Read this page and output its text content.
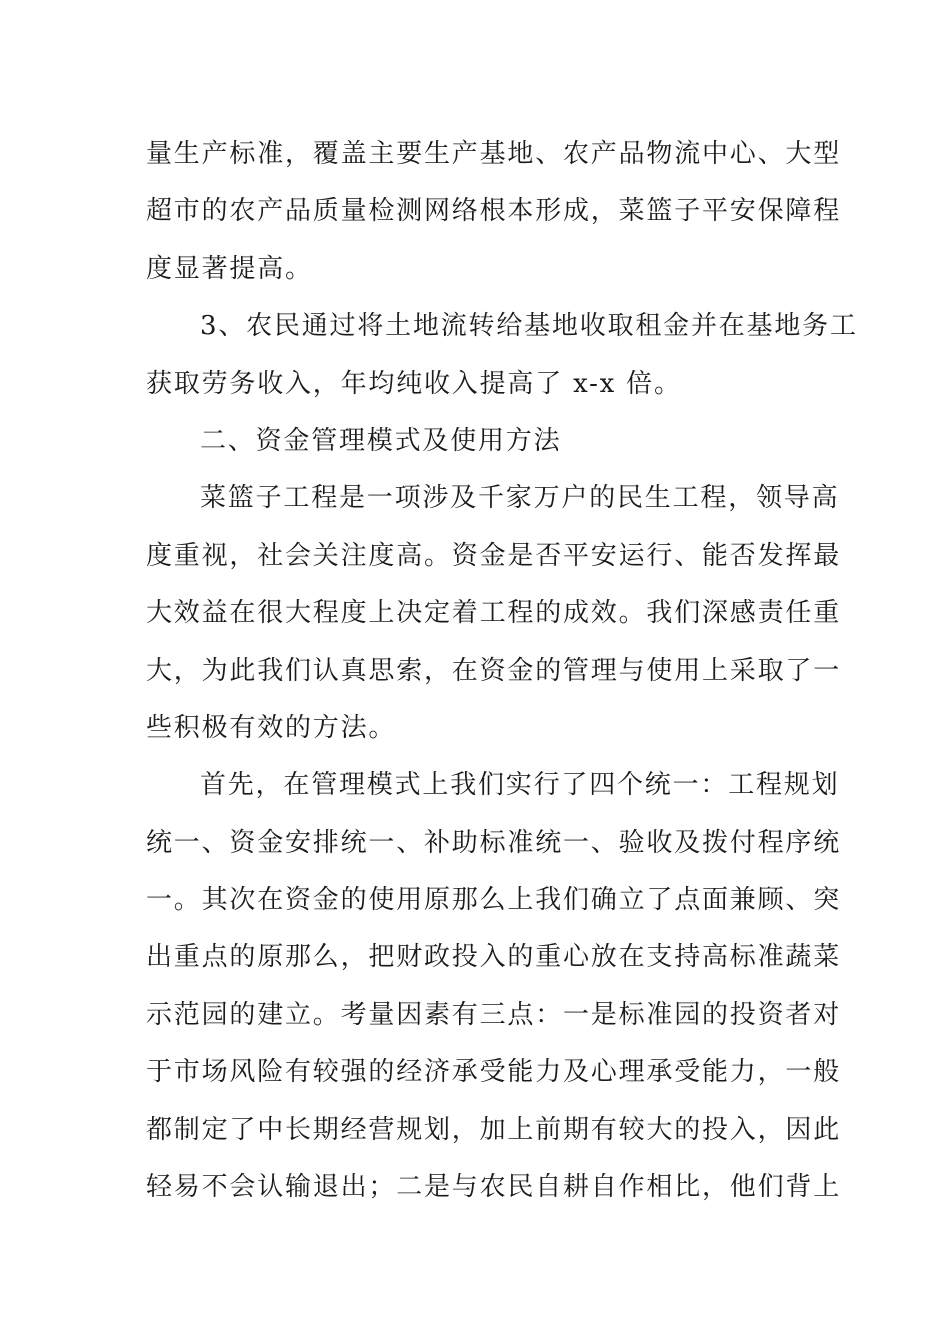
量生产标准，覆盖主要生产基地、农产品物流中心、大型
超市的农产品质量检测网络根本形成，菜篮子平安保障程
度显著提高。
3、农民通过将土地流转给基地收取租金并在基地务工
获取劳务收入，年均纯收入提高了 x-x 倍。
二、资金管理模式及使用方法
菜篮子工程是一项涉及千家万户的民生工程，领导高
度重视，社会关注度高。资金是否平安运行、能否发挥最
大效益在很大程度上决定着工程的成效。我们深感责任重
大，为此我们认真思索，在资金的管理与使用上采取了一
些积极有效的方法。
首先，在管理模式上我们实行了四个统一：工程规划
统一、资金安排统一、补助标准统一、验收及拨付程序统
一。其次在资金的使用原那么上我们确立了点面兼顾、突
出重点的原那么，把财政投入的重心放在支持高标准蔬菜
示范园的建立。考量因素有三点：一是标准园的投资者对
于市场风险有较强的经济承受能力及心理承受能力，一般
都制定了中长期经营规划，加上前期有较大的投入，因此
轻易不会认输退出；二是与农民自耕自作相比，他们背上
